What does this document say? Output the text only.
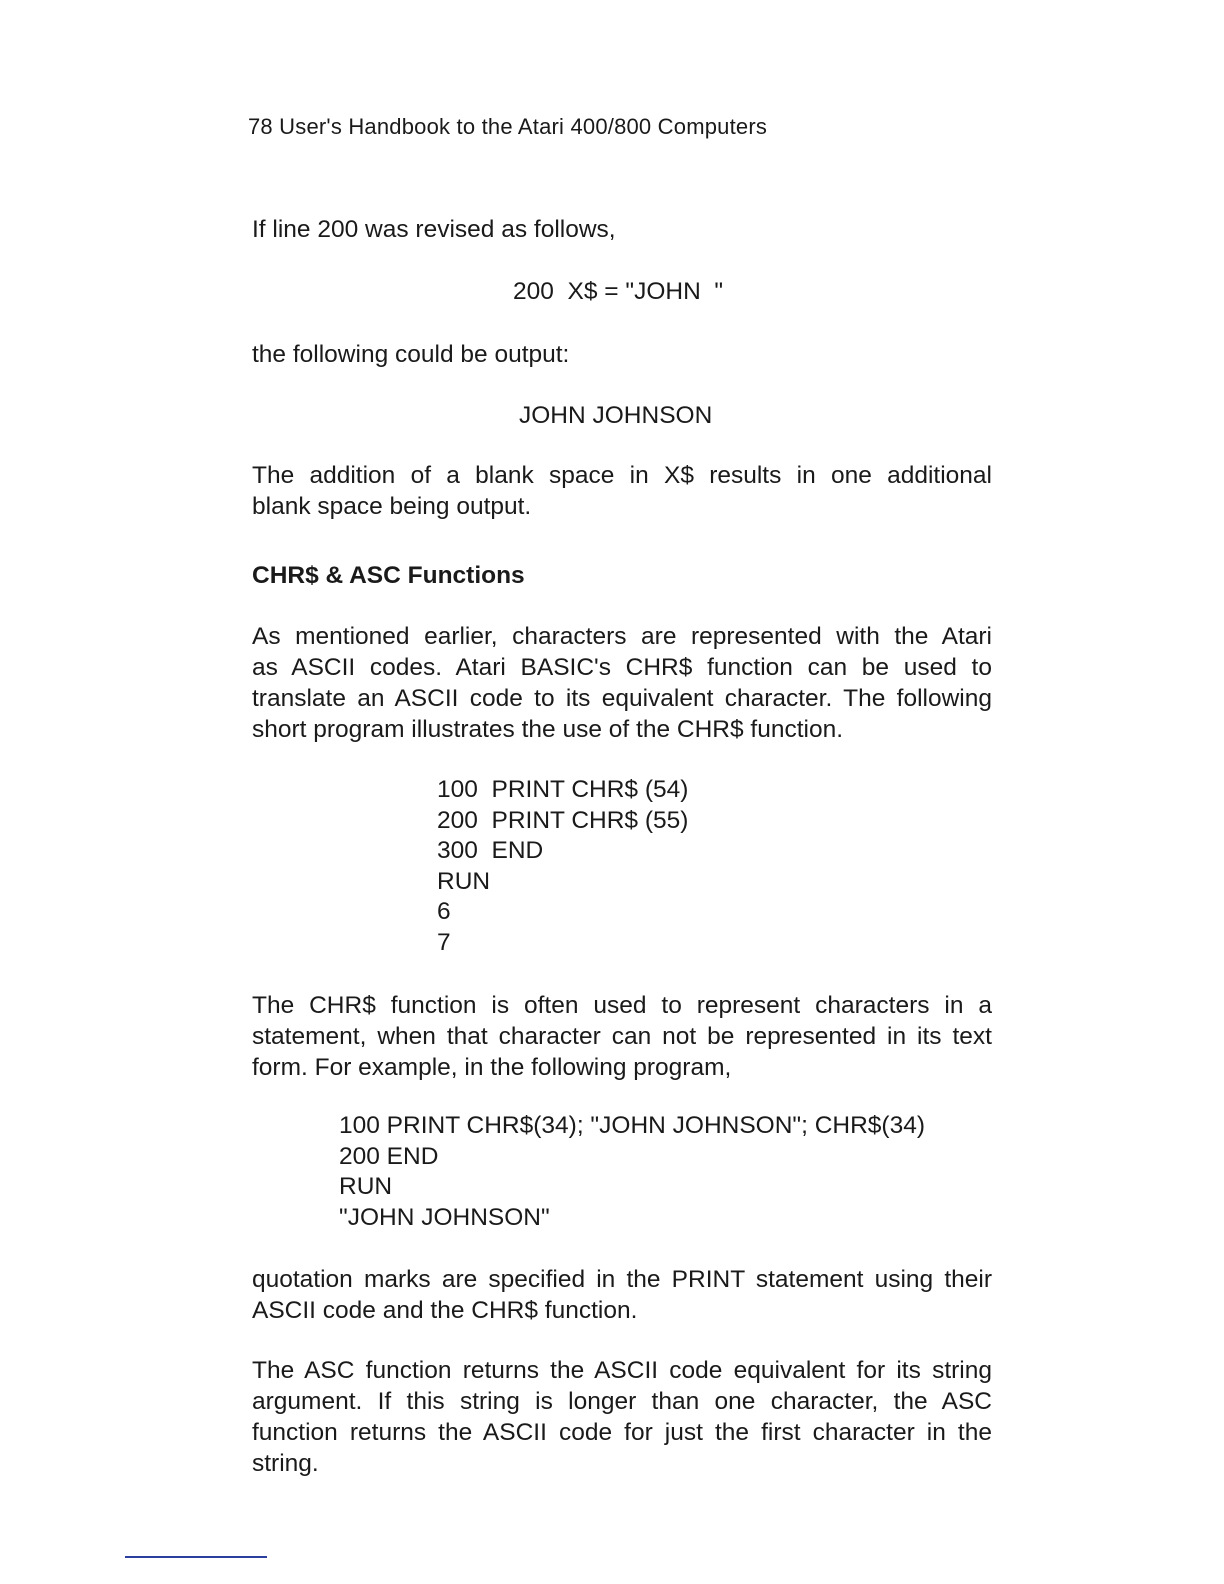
78 User's Handbook to the Atari 400/800 Computers

If line 200 was revised as follows,

200  X$ = "JOHN  "

the following could be output:

JOHN JOHNSON

The addition of a blank space in X$ results in one additional
blank space being output.

CHR$ & ASC Functions

As mentioned earlier, characters are represented with the Atari
as ASCII codes. Atari BASIC's CHR$ function can be used to
translate an ASCII code to its equivalent character. The following
short program illustrates the use of the CHR$ function.

100  PRINT CHR$ (54)
200  PRINT CHR$ (55)
300  END
RUN
6
7

The CHR$ function is often used to represent characters in a
statement, when that character can not be represented in its text
form. For example, in the following program,

100 PRINT CHR$(34); "JOHN JOHNSON"; CHR$(34)
200 END
RUN
"JOHN JOHNSON"

quotation marks are specified in the PRINT statement using their
ASCII code and the CHR$ function.

The ASC function returns the ASCII code equivalent for its string
argument. If this string is longer than one character, the ASC
function returns the ASCII code for just the first character in the
string.
